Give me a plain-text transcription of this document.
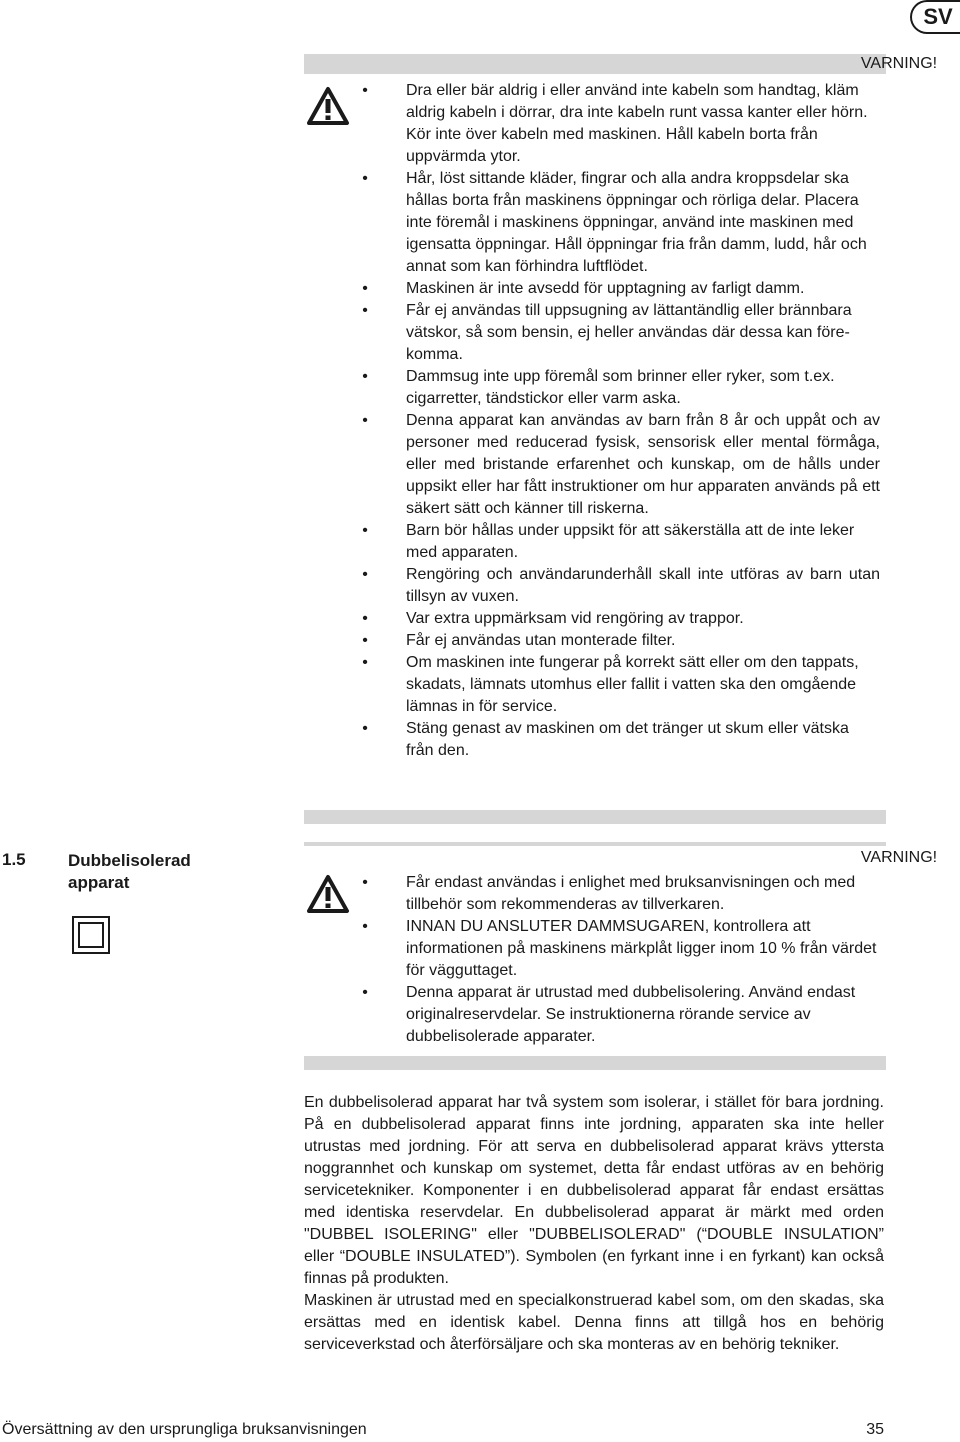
SV
VARNING!
• Dra eller bär aldrig i eller använd inte kabeln som handtag, kläm aldrig kabeln i dörrar, dra inte kabeln runt vassa kanter eller hörn. Kör inte över kabeln med maskinen. Håll kabeln borta från uppvärmda ytor.
• Hår, löst sittande kläder, fingrar och alla andra kroppsdelar ska hållas borta från maskinens öppningar och rörliga delar. Placera inte föremål i maskinens öppningar, använd inte maskinen med igensatta öppningar. Håll öppningar fria från damm, ludd, hår och annat som kan förhindra luftflödet.
• Maskinen är inte avsedd för upptagning av farligt damm.
• Får ej användas till uppsugning av lättantändlig eller brännbara vätskor, så som bensin, ej heller användas där dessa kan före- komma.
• Dammsug inte upp föremål som brinner eller ryker, som t.ex. cigarretter, tändstickor eller varm aska.
• Denna apparat kan användas av barn från 8 år och uppåt och av personer med reducerad fysisk, sensorisk eller mental förmåga, eller med bristande erfarenhet och kunskap, om de hålls under uppsikt eller har fått instruktioner om hur apparaten används på ett säkert sätt och känner till riskerna.
• Barn bör hållas under uppsikt för att säkerställa att de inte leker med apparaten.
• Rengöring och användarunderhåll skall inte utföras av barn utan tillsyn av vuxen.
• Var extra uppmärksam vid rengöring av trappor.
• Får ej användas utan monterade filter.
• Om maskinen inte fungerar på korrekt sätt eller om den tappats, skadats, lämnats utomhus eller fallit i vatten ska den omgående lämnas in för service.
• Stäng genast av maskinen om det tränger ut skum eller vätska från den.
1.5 Dubbelisolerad apparat
VARNING!
• Får endast användas i enlighet med bruksanvisningen och med tillbehör som rekommenderas av tillverkaren.
• INNAN DU ANSLUTER DAMMSUGAREN, kontrollera att informationen på maskinens märkplåt ligger inom 10 % från värdet för vägguttaget.
• Denna apparat är utrustad med dubbelisolering. Använd endast originalreservdelar. Se instruktionerna rörande service av dubbelisolerade apparater.

En dubbelisolerad apparat har två system som isolerar, i stället för bara jordning. På en dubbelisolerad apparat finns inte jordning, apparaten ska inte heller utrustas med jordning. För att serva en dubbelisolerad apparat krävs yttersta noggrannhet och kunskap om systemet, detta får endast utföras av en behörig servicetekniker. Komponenter i en dubbelisolerad apparat får endast ersättas med identiska reservdelar. En dubbelisolerad apparat är märkt med orden "DUBBEL ISOLERING" eller "DUBBELISOLERAD" (“DOUBLE INSULATION” eller “DOUBLE INSULATED”). Symbolen (en fyrkant inne i en fyrkant) kan också finnas på produkten.

Maskinen är utrustad med en specialkonstruerad kabel som, om den skadas, ska ersättas med en identisk kabel. Denna finns att tillgå hos en behörig serviceverkstad och återförsäljare och ska monteras av en behörig tekniker.

Översättning av den ursprungliga bruksanvisningen	35
